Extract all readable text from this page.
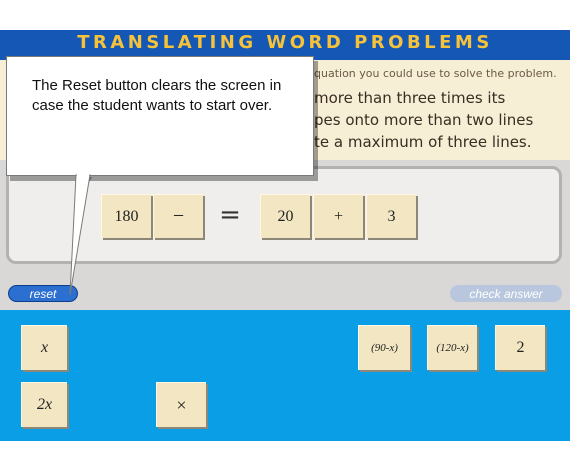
TRANSLATING WORD PROBLEMS
quation you could use to solve the problem.
more than three times its
pes onto more than two lines
te a maximum of three lines.
180	−	=	20	+	3
reset	check answer
x	(90-x)	(120-x)	2
2x	×
The Reset button clears the screen in case the student wants to start over.
